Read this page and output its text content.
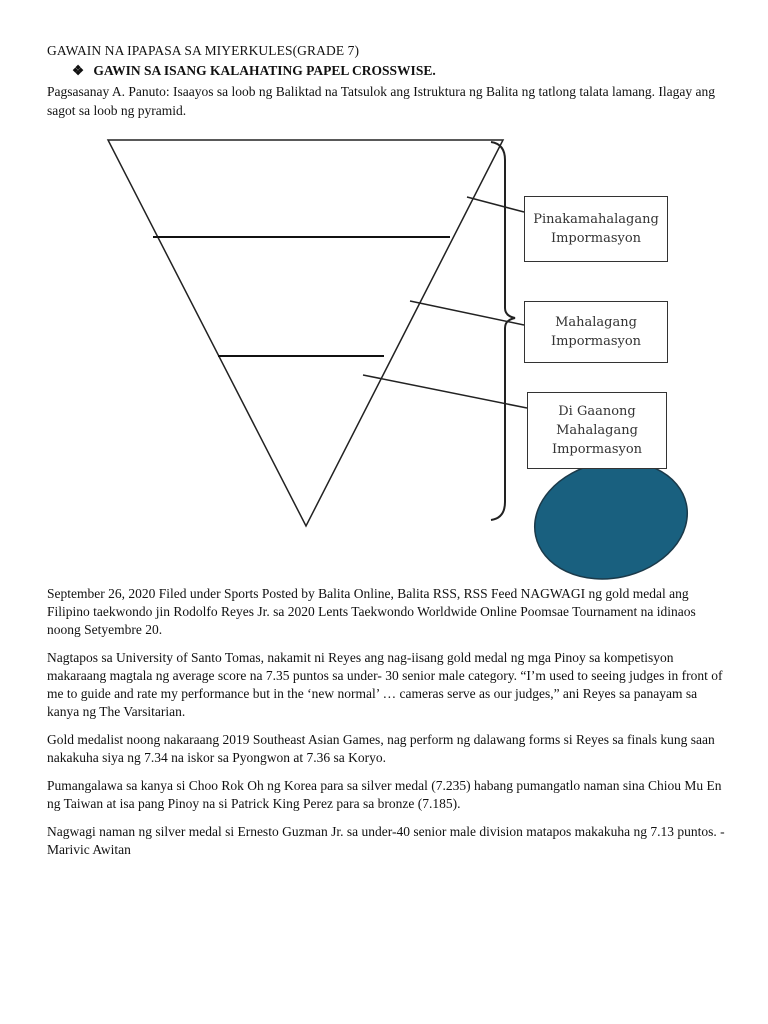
GAWAIN NA IPAPASA SA MIYERKULES(GRADE 7)
❖ GAWIN SA ISANG KALAHATING PAPEL CROSSWISE.
Pagsasanay A. Panuto: Isaayos sa loob ng Baliktad na Tatsulok ang Istruktura ng Balita ng tatlong talata lamang. Ilagay ang sagot sa loob ng pyramid.
Pinakamahalagang Impormasyon
Mahalagang Impormasyon
Di Gaanong Mahalagang Impormasyon

September 26, 2020 Filed under Sports Posted by Balita Online, Balita RSS, RSS Feed NAGWAGI ng gold medal ang Filipino taekwondo jin Rodolfo Reyes Jr. sa 2020 Lents Taekwondo Worldwide Online Poomsae Tournament na idinaos noong Setyembre 20.

Nagtapos sa University of Santo Tomas, nakamit ni Reyes ang nag-iisang gold medal ng mga Pinoy sa kompetisyon makaraang magtala ng average score na 7.35 puntos sa under- 30 senior male category. “I’m used to seeing judges in front of me to guide and rate my performance but in the ‘new normal’ … cameras serve as our judges,” ani Reyes sa panayam sa kanya ng The Varsitarian.

Gold medalist noong nakaraang 2019 Southeast Asian Games, nag perform ng dalawang forms si Reyes sa finals kung saan nakakuha siya ng 7.34 na iskor sa Pyongwon at 7.36 sa Koryo.

Pumangalawa sa kanya si Choo Rok Oh ng Korea para sa silver medal (7.235) habang pumangatlo naman sina Chiou Mu En ng Taiwan at isa pang Pinoy na si Patrick King Perez para sa bronze (7.185).

Nagwagi naman ng silver medal si Ernesto Guzman Jr. sa under-40 senior male division matapos makakuha ng 7.13 puntos. -Marivic Awitan
